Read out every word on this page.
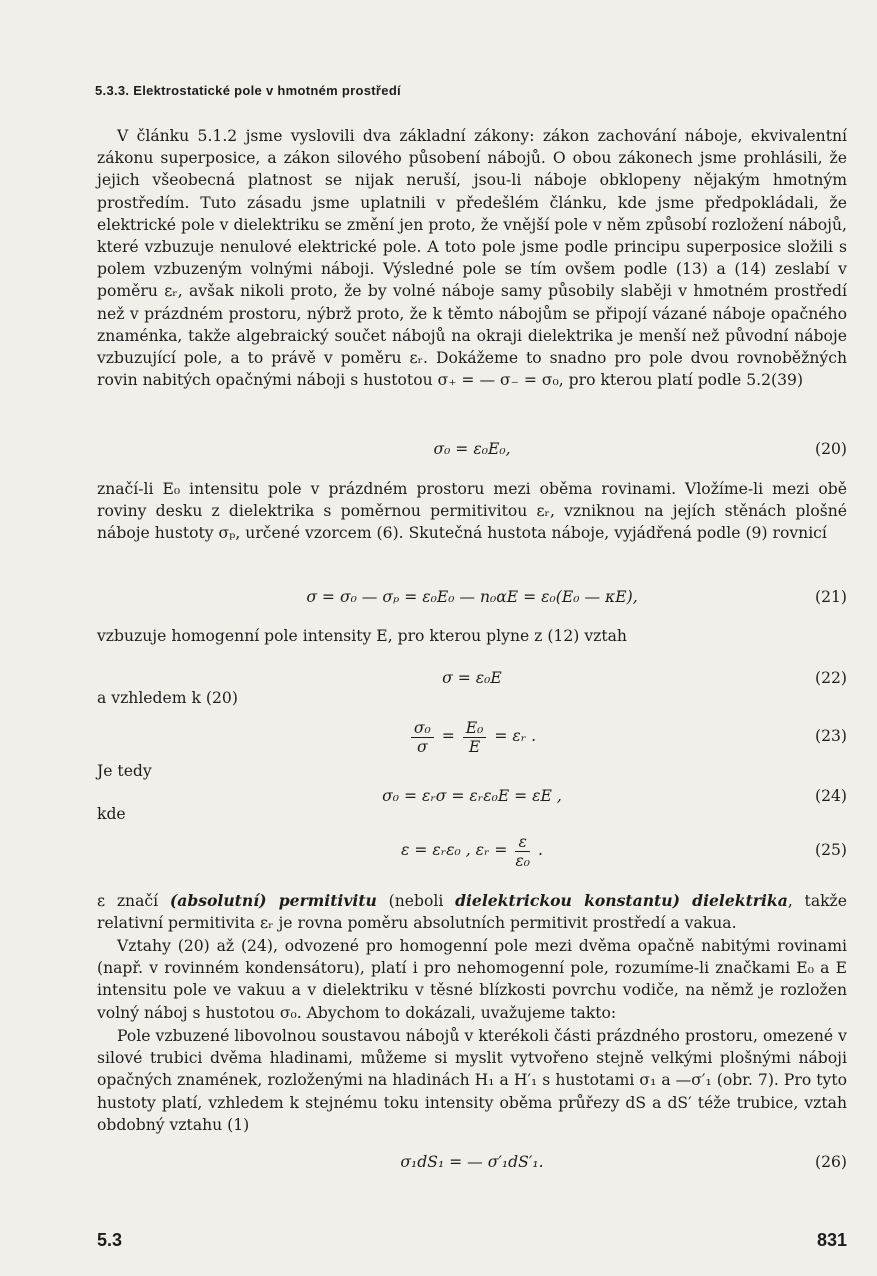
5.3.3. Elektrostatické pole v hmotném prostředí
V článku 5.1.2 jsme vyslovili dva základní zákony: zákon zachování náboje, ekvivalentní zákonu superposice, a zákon silového působení nábojů. O obou zákonech jsme prohlásili, že jejich všeobecná platnost se nijak neruší, jsou-li náboje obklopeny nějakým hmotným prostředím. Tuto zásadu jsme uplatnili v předešlém článku, kde jsme předpokládali, že elektrické pole v dielektriku se změní jen proto, že vnější pole v něm způsobí rozložení nábojů, které vzbuzuje nenulové elektrické pole. A toto pole jsme podle principu superposice složili s polem vzbuzeným volnými náboji. Výsledné pole se tím ovšem podle (13) a (14) zeslabí v poměru εᵣ, avšak nikoli proto, že by volné náboje samy působily slaběji v hmotném prostředí než v prázdném prostoru, nýbrž proto, že k těmto nábojům se připojí vázané náboje opačného znaménka, takže algebraický součet nábojů na okraji dielektrika je menší než původní náboje vzbuzující pole, a to právě v poměru εᵣ. Dokážeme to snadno pro pole dvou rovnoběžných rovin nabitých opačnými náboji s hustotou σ₊ = — σ₋ = σ₀, pro kterou platí podle 5.2(39)
σ₀ = ε₀E₀,	(20)
značí-li E₀ intensitu pole v prázdném prostoru mezi oběma rovinami. Vložíme-li mezi obě roviny desku z dielektrika s poměrnou permitivitou εᵣ, vzniknou na jejích stěnách plošné náboje hustoty σₚ, určené vzorcem (6). Skutečná hustota náboje, vyjádřená podle (9) rovnicí
σ = σ₀ — σₚ = ε₀E₀ — n₀αE = ε₀(E₀ — κE),	(21)
vzbuzuje homogenní pole intensity E, pro kterou plyne z (12) vztah
σ = ε₀E	(22)
a vzhledem k (20)
$\frac{\text{σ₀}}{\sigma} = \frac{\text{E₀}}{E}$ = εᵣ .	(23)
Je tedy
σ₀ = εᵣσ = εᵣε₀E = εE ,	(24)
kde
ε = εᵣε₀ , εᵣ = $\frac{\varepsilon}{\text{ε₀}}$ .	(25)
ε značí (absolutní) permitivitu (neboli dielektrickou konstantu) dielektrika, takže relativní permitivita εᵣ je rovna poměru absolutních permitivit prostředí a vakua.
Vztahy (20) až (24), odvozené pro homogenní pole mezi dvěma opačně nabitými rovinami (např. v rovinném kondensátoru), platí i pro nehomogenní pole, rozumíme-li značkami E₀ a E intensitu pole ve vakuu a v dielektriku v těsné blízkosti povrchu vodiče, na němž je rozložen volný náboj s hustotou σ₀. Abychom to dokázali, uvažujeme takto:
Pole vzbuzené libovolnou soustavou nábojů v kterékoli části prázdného prostoru, omezené v silové trubici dvěma hladinami, můžeme si myslit vytvořeno stejně velkými plošnými náboji opačných znamének, rozloženými na hladinách H₁ a H′₁ s hustotami σ₁ a —σ′₁ (obr. 7). Pro tyto hustoty platí, vzhledem k stejnému toku intensity oběma průřezy dS a dS′ téže trubice, vztah obdobný vztahu (1)
σ₁dS₁ = — σ′₁dS′₁.	(26)
5.3	831
